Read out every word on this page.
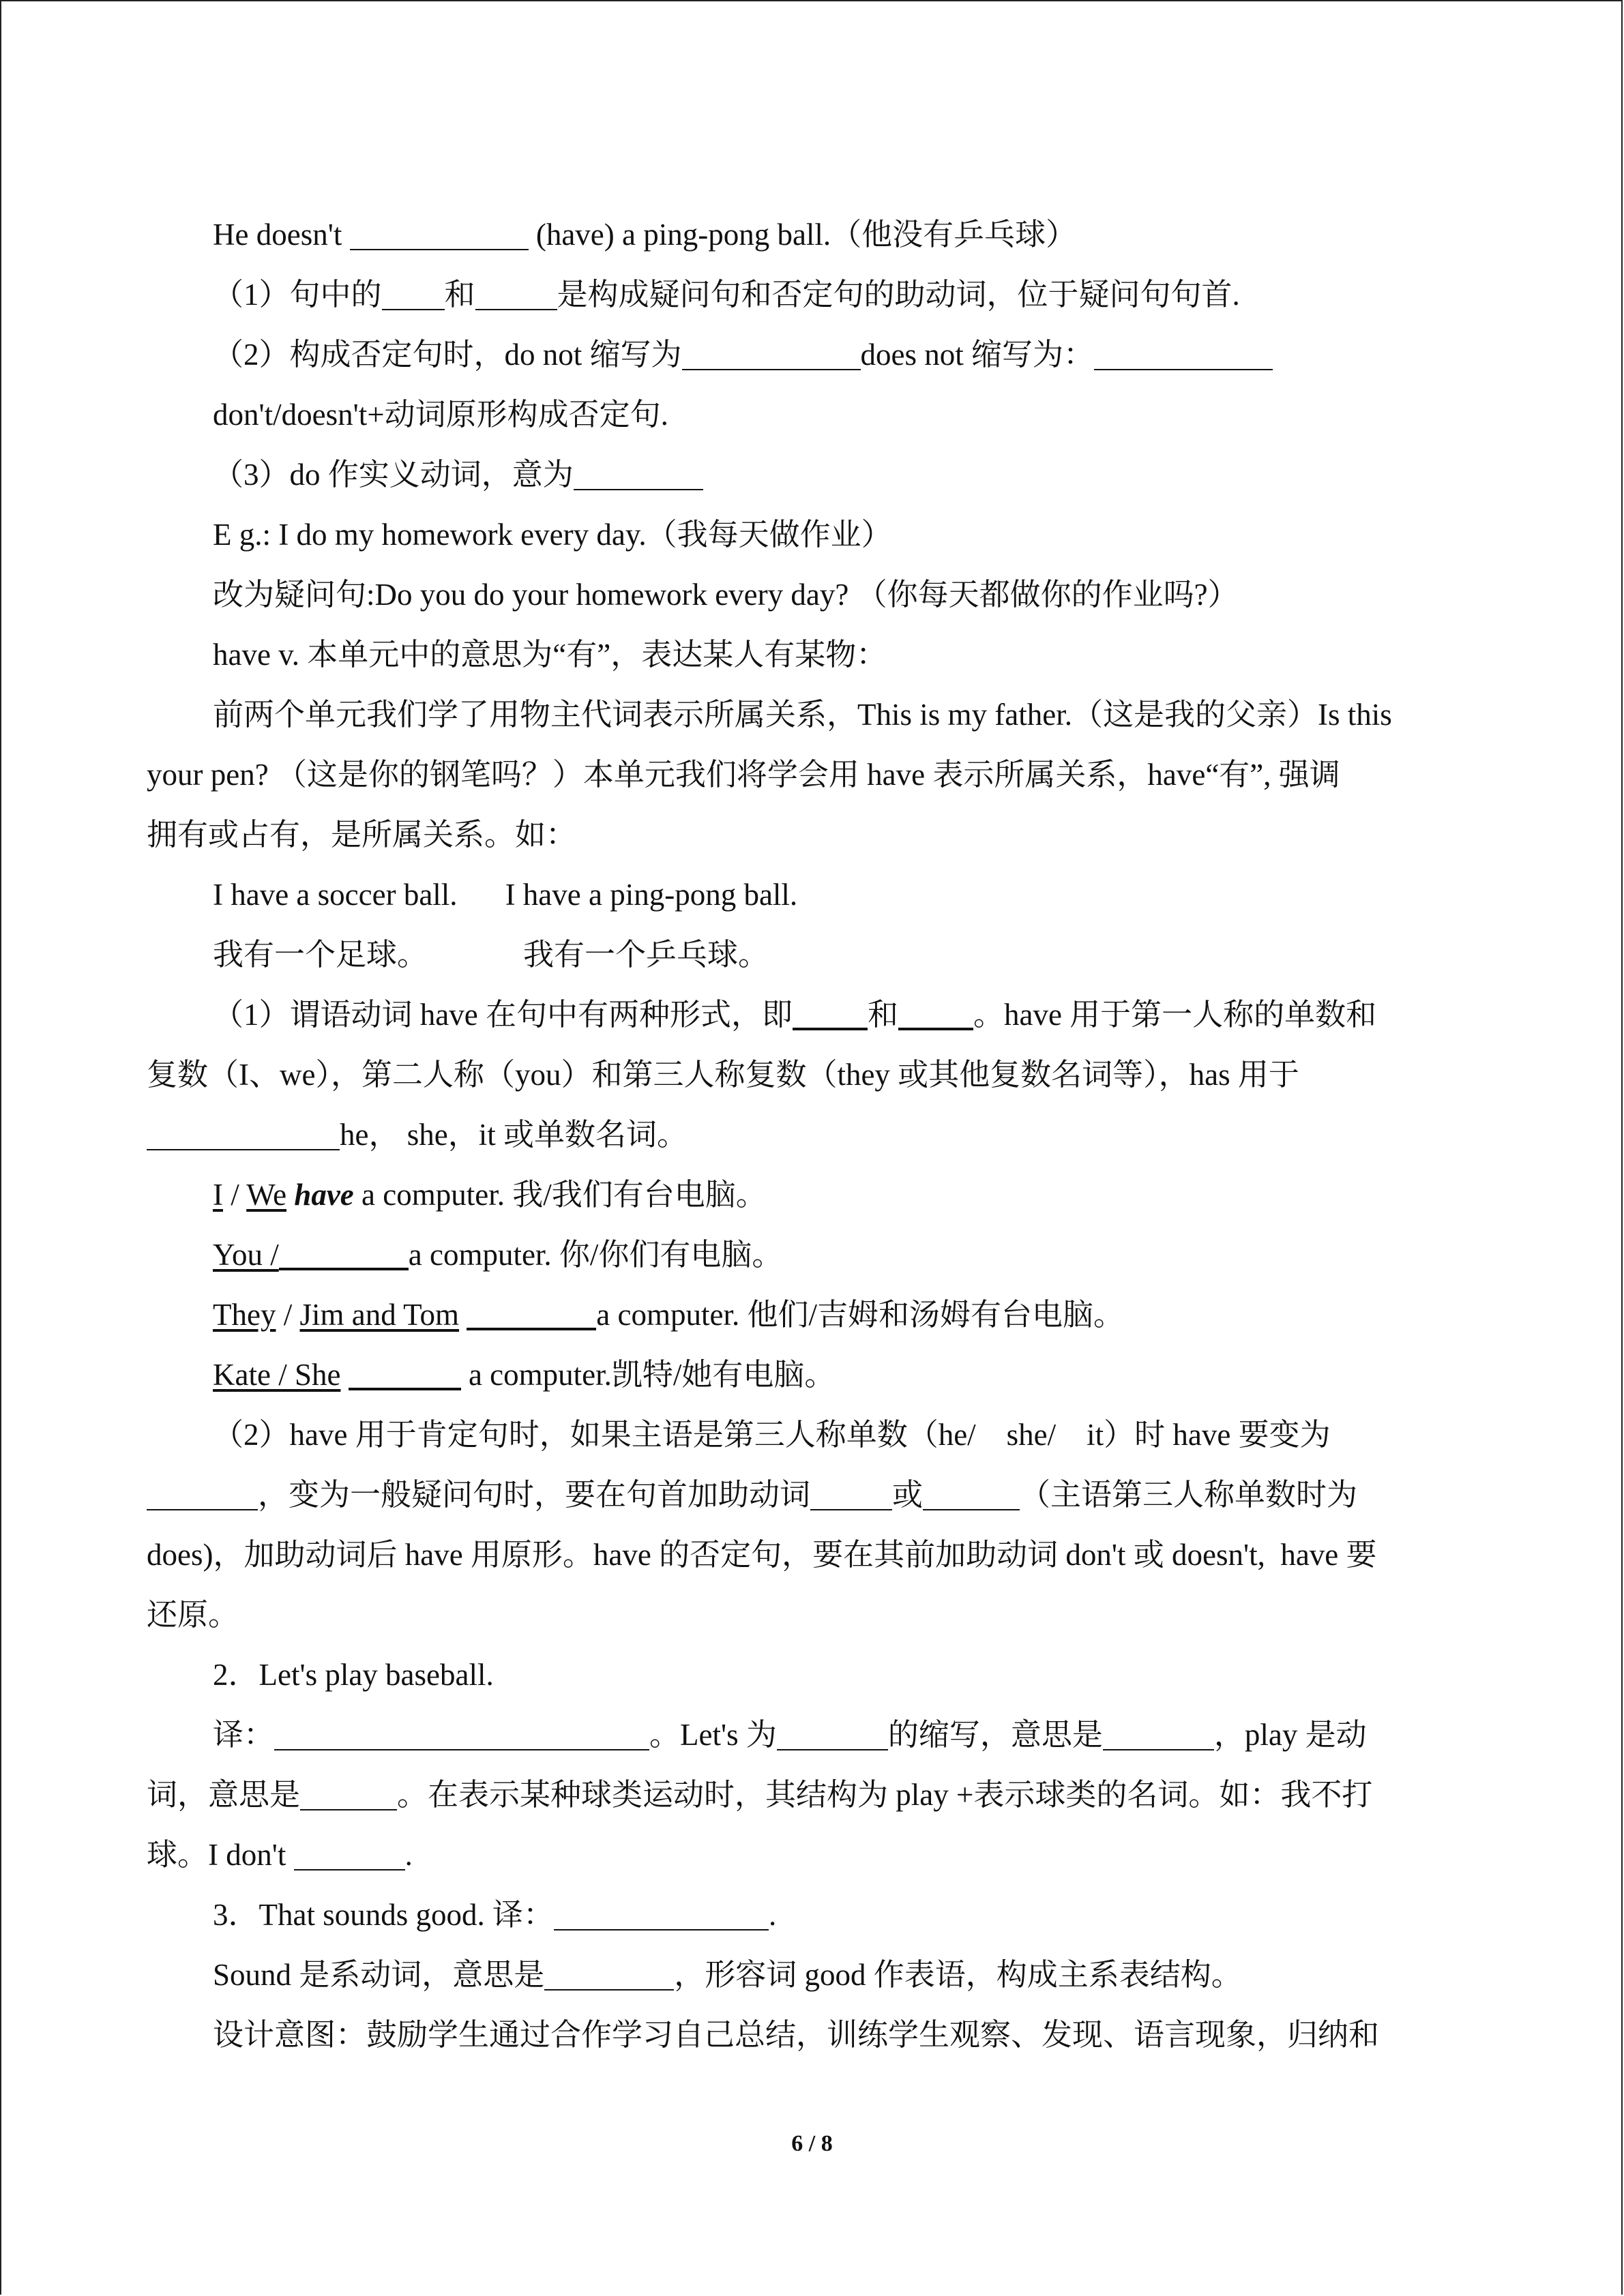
He doesn't	(have) a ping-pong ball.（他没有乒乓球）
（1）句中的 和	是构成疑问句和否定句的助动词，位于疑问句句首.
（2）构成否定句时，do not 缩写为	does not 缩写为：
don't/doesn't+动词原形构成否定句.
（3）do 作实义动词，意为
E g.: I do my homework every day.（我每天做作业）
改为疑问句:Do you do your homework every day? （你每天都做你的作业吗?）
have v. 本单元中的意思为“有”，表达某人有某物：
前两个单元我们学了用物主代词表示所属关系，This is my father.（这是我的父亲）Is this
your pen? （这是你的钢笔吗？）本单元我们将学会用 have 表示所属关系，have“有”, 强调
拥有或占有，是所属关系。如：
I have a soccer ball. I have a ping-pong ball.
我有一个足球。	我有一个乒乓球。
（1）谓语动词 have 在句中有两种形式，即 和 。have 用于第一人称的单数和
复数（I、we），第二人称（you）和第三人称复数（they 或其他复数名词等），has 用于
he， she，it 或单数名词。
I / We have a computer. 我/我们有台电脑。
You /	a computer. 你/你们有电脑。
They / Jim and Tom	a computer. 他们/吉姆和汤姆有台电脑。
Kate / She	a computer.凯特/她有电脑。
（2）have 用于肯定句时，如果主语是第三人称单数（he/    she/    it）时 have 要变为
，变为一般疑问句时，要在句首加助动词	或	（主语第三人称单数时为
does)，加助动词后 have 用原形。have 的否定句，要在其前加助动词 don't 或 doesn't,  have 要
还原。
2．Let's play baseball.
译：	。Let's 为	的缩写，意思是	，play 是动
词，意思是	。在表示某种球类运动时，其结构为 play +表示球类的名词。如：我不打
球。I don't	.
3．That sounds good. 译：	.
Sound 是系动词，意思是	，形容词 good 作表语，构成主系表结构。
设计意图：鼓励学生通过合作学习自己总结，训练学生观察、发现、语言现象，归纳和
6 / 8
